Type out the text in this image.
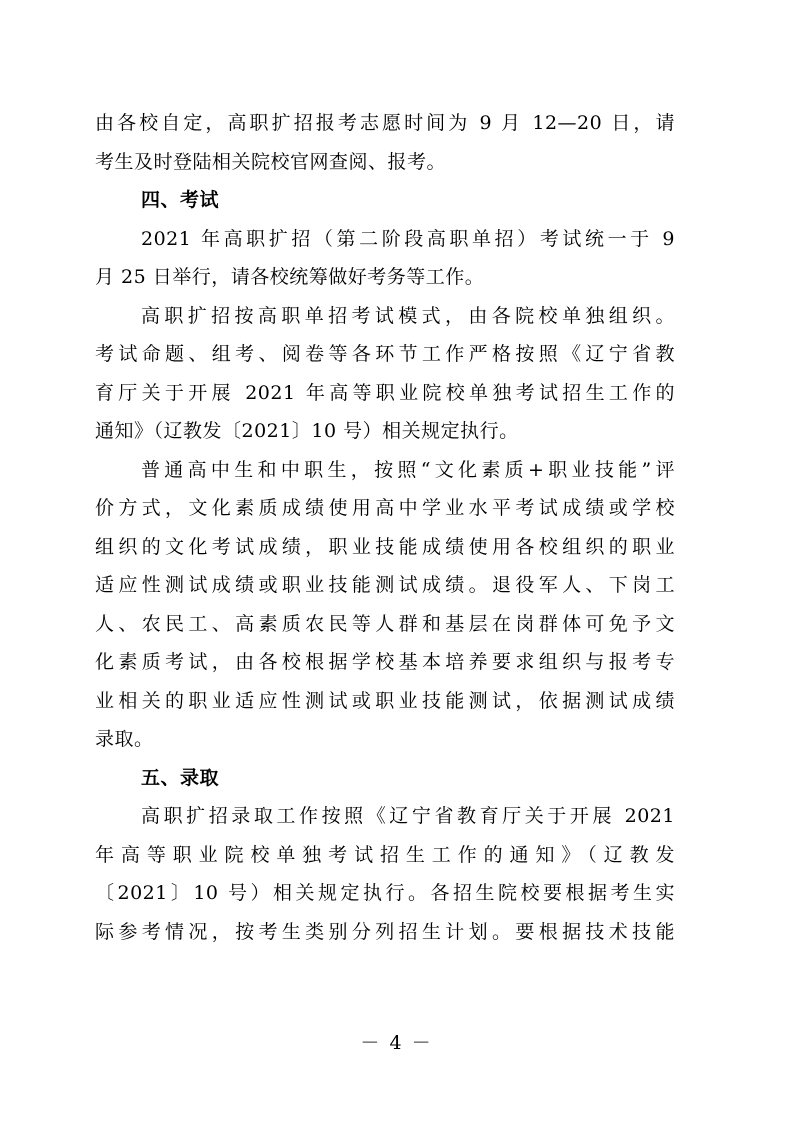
由各校自定，高职扩招报考志愿时间为 9 月 12—20 日，请
考生及时登陆相关院校官网查阅、报考。
四、考试
2021 年高职扩招（第二阶段高职单招）考试统一于 9
月 25 日举行，请各校统筹做好考务等工作。
高职扩招按高职单招考试模式，由各院校单独组织。
考试命题、组考、阅卷等各环节工作严格按照《辽宁省教
育厅关于开展 2021 年高等职业院校单独考试招生工作的
通知》（辽教发〔2021〕10 号）相关规定执行。
普通高中生和中职生，按照“文化素质+职业技能”评
价方式，文化素质成绩使用高中学业水平考试成绩或学校
组织的文化考试成绩，职业技能成绩使用各校组织的职业
适应性测试成绩或职业技能测试成绩。退役军人、下岗工
人、农民工、高素质农民等人群和基层在岗群体可免予文
化素质考试，由各校根据学校基本培养要求组织与报考专
业相关的职业适应性测试或职业技能测试，依据测试成绩
录取。
五、录取
高职扩招录取工作按照《辽宁省教育厅关于开展 2021
年高等职业院校单独考试招生工作的通知》（辽教发
〔2021〕10 号）相关规定执行。各招生院校要根据考生实
际参考情况，按考生类别分列招生计划。要根据技术技能
－ 4 －
